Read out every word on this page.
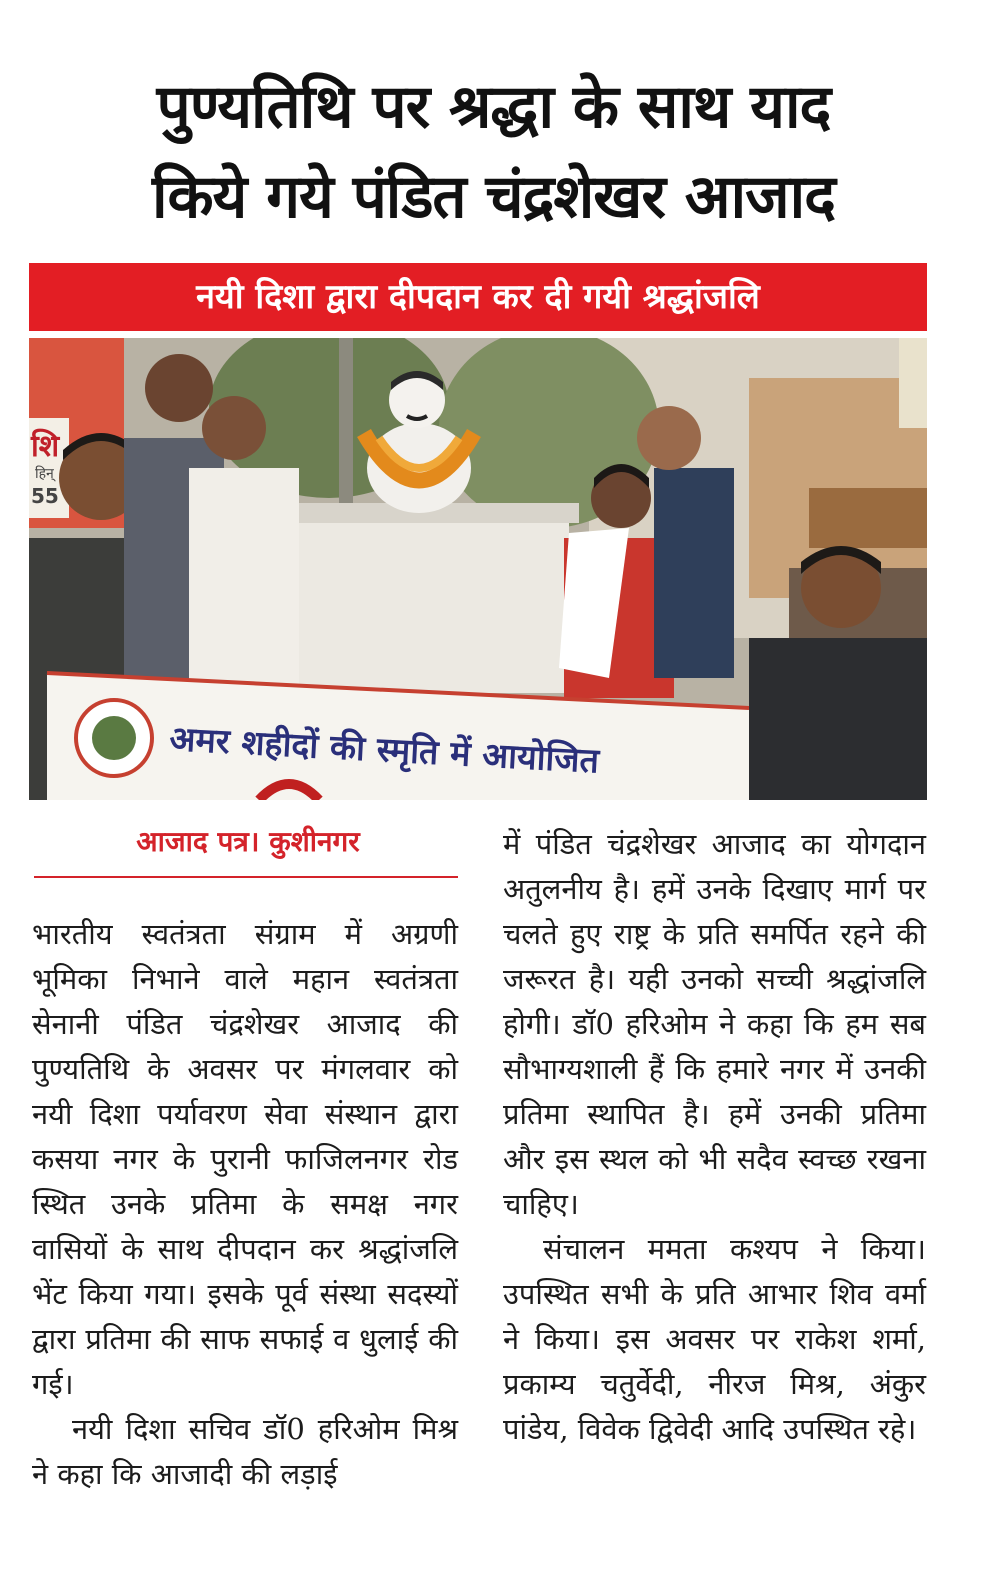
पुण्यतिथि पर श्रद्धा के साथ याद
किये गये पंडित चंद्रशेखर आजाद
नयी दिशा द्वारा दीपदान कर दी गयी श्रद्धांजलि
शि
हिन्
55
अमर शहीदों की स्मृति में आयोजित
आजाद पत्र। कुशीनगर

भारतीय स्वतंत्रता संग्राम में अग्रणी भूमिका निभाने वाले महान स्वतंत्रता सेनानी पंडित चंद्रशेखर आजाद की पुण्यतिथि के अवसर पर मंगलवार को नयी दिशा पर्यावरण सेवा संस्थान द्वारा कसया नगर के पुरानी फाजिलनगर रोड स्थित उनके प्रतिमा के समक्ष नगर वासियों के साथ दीपदान कर श्रद्धांजलि भेंट किया गया। इसके पूर्व संस्था सदस्यों द्वारा प्रतिमा की साफ सफाई व धुलाई की गई।

नयी दिशा सचिव डॉ0 हरिओम मिश्र ने कहा कि आजादी की लड़ाई

में पंडित चंद्रशेखर आजाद का योगदान अतुलनीय है। हमें उनके दिखाए मार्ग पर चलते हुए राष्ट्र के प्रति समर्पित रहने की जरूरत है। यही उनको सच्ची श्रद्धांजलि होगी। डॉ0 हरिओम ने कहा कि हम सब सौभाग्यशाली हैं कि हमारे नगर में उनकी प्रतिमा स्थापित है। हमें उनकी प्रतिमा और इस स्थल को भी सदैव स्वच्छ रखना चाहिए।

संचालन ममता कश्यप ने किया। उपस्थित सभी के प्रति आभार शिव वर्मा ने किया। इस अवसर पर राकेश शर्मा, प्रकाम्य चतुर्वेदी, नीरज मिश्र, अंकुर पांडेय, विवेक द्विवेदी आदि उपस्थित रहे।
